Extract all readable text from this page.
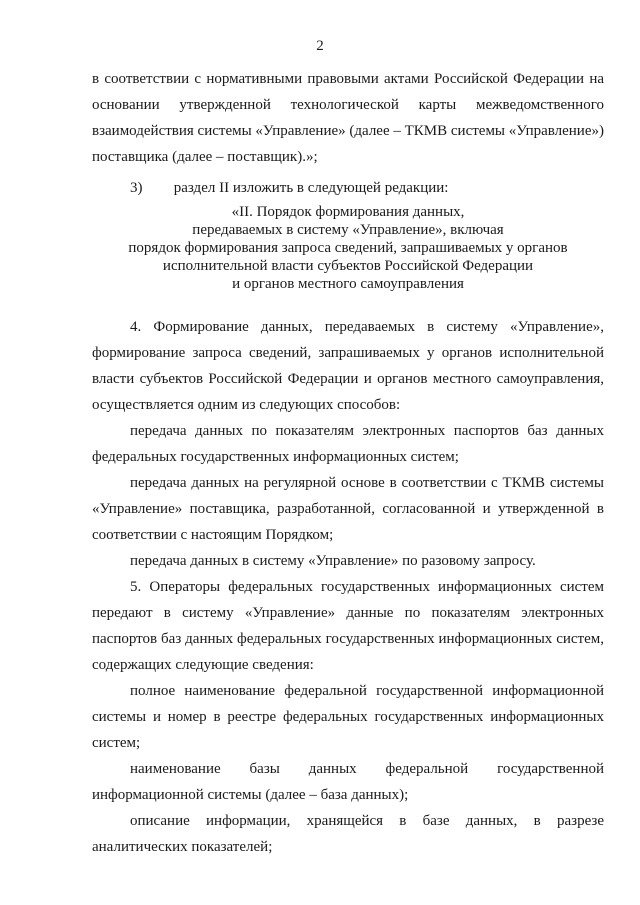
2

в соответствии с нормативными правовыми актами Российской Федерации на основании утвержденной технологической карты межведомственного взаимодействия системы «Управление» (далее – ТКМВ системы «Управление») поставщика (далее – поставщик).»;

3) раздел II изложить в следующей редакции:
«II. Порядок формирования данных,
передаваемых в систему «Управление», включая
порядок формирования запроса сведений, запрашиваемых у органов
исполнительной власти субъектов Российской Федерации
и органов местного самоуправления

4. Формирование данных, передаваемых в систему «Управление», формирование запроса сведений, запрашиваемых у органов исполнительной власти субъектов Российской Федерации и органов местного самоуправления, осуществляется одним из следующих способов:

передача данных по показателям электронных паспортов баз данных федеральных государственных информационных систем;

передача данных на регулярной основе в соответствии с ТКМВ системы «Управление» поставщика, разработанной, согласованной и утвержденной в соответствии с настоящим Порядком;

передача данных в систему «Управление» по разовому запросу.

5. Операторы федеральных государственных информационных систем передают в систему «Управление» данные по показателям электронных паспортов баз данных федеральных государственных информационных систем, содержащих следующие сведения:

полное наименование федеральной государственной информационной системы и номер в реестре федеральных государственных информационных систем;

наименование базы данных федеральной государственной информационной системы (далее – база данных);

описание информации, хранящейся в базе данных, в разрезе аналитических показателей;
